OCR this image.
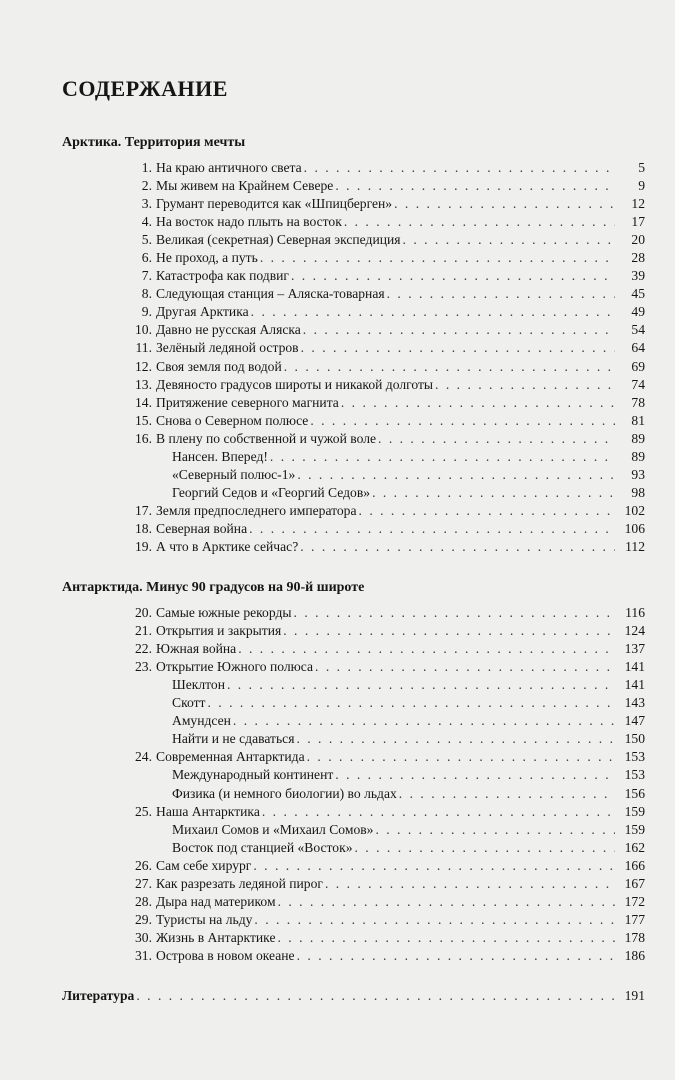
СОДЕРЖАНИЕ
Арктика. Территория мечты
1. На краю античного света . . .	5
2. Мы живем на Крайнем Севере . . .	9
3. Грумант переводится как «Шпицберген» . . .	12
4. На восток надо плыть на восток . . .	17
5. Великая (секретная) Северная экспедиция . . .	20
6. Не проход, а путь . . .	28
7. Катастрофа как подвиг . . .	39
8. Следующая станция – Аляска-товарная . . .	45
9. Другая Арктика . . .	49
10. Давно не русская Аляска . . .	54
11. Зелёный ледяной остров . . .	64
12. Своя земля под водой . . .	69
13. Девяносто градусов широты и никакой долготы . . .	74
14. Притяжение северного магнита . . .	78
15. Снова о Северном полюсе . . .	81
16. В плену по собственной и чужой воле . . .	89
Нансен. Вперед! . . .	89
«Северный полюс-1» . . .	93
Георгий Седов и «Георгий Седов» . . .	98
17. Земля предпоследнего императора . . .	102
18. Северная война . . .	106
19. А что в Арктике сейчас? . . .	112
Антарктида. Минус 90 градусов на 90-й широте
20. Самые южные рекорды . . .	116
21. Открытия и закрытия . . .	124
22. Южная война . . .	137
23. Открытие Южного полюса . . .	141
Шеклтон . . .	141
Скотт . . .	143
Амундсен . . .	147
Найти и не сдаваться . . .	150
24. Современная Антарктида . . .	153
Международный континент . . .	153
Физика (и немного биологии) во льдах . . .	156
25. Наша Антарктика . . .	159
Михаил Сомов и «Михаил Сомов» . . .	159
Восток под станцией «Восток» . . .	162
26. Сам себе хирург . . .	166
27. Как разрезать ледяной пирог . . .	167
28. Дыра над материком . . .	172
29. Туристы на льду . . .	177
30. Жизнь в Антарктике . . .	178
31. Острова в новом океане . . .	186
Литература . . .	191
